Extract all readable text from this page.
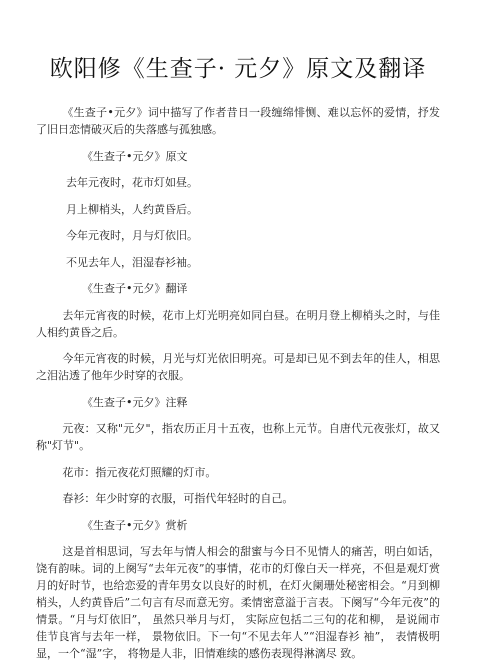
欧阳修《生查子· 元夕》原文及翻译

《生查子•元夕》词中描写了作者昔日一段缠绵悱恻、难以忘怀的爱情，抒发了旧日恋情破灭后的失落感与孤独感。

《生查子•元夕》原文

去年元夜时，花市灯如昼。

月上柳梢头，人约黄昏后。

今年元夜时，月与灯依旧。

不见去年人，泪湿春衫袖。

《生查子•元夕》翻译

去年元宵夜的时候，花市上灯光明亮如同白昼。在明月登上柳梢头之时，与佳人相约黄昏之后。

今年元宵夜的时候，月光与灯光依旧明亮。可是却已见不到去年的佳人，相思之泪沾透了他年少时穿的衣服。

《生查子•元夕》注释

元夜：又称"元夕"，指农历正月十五夜，也称上元节。自唐代元夜张灯，故又称"灯节"。

花市：指元夜花灯照耀的灯市。

春衫：年少时穿的衣服，可指代年轻时的自己。

《生查子•元夕》赏析

这是首相思词，写去年与情人相会的甜蜜与今日不见情人的痛苦，明白如话，饶有韵味。词的上阕写“去年元夜”的事情，花市的灯像白天一样亮，不但是观灯赏月的好时节，也给恋爱的青年男女以良好的时机，在灯火阑珊处秘密相会。“月到柳梢头，人约黄昏后”二句言有尽而意无穷。柔情密意溢于言表。下阕写“今年元夜”的情景。“月与灯依旧”， 虽然只举月与灯， 实际应包括二三句的花和柳， 是说闹市佳节良宵与去年一样， 景物依旧。下一句“不见去年人”“泪湿春衫 袖”， 表情极明显，一个“湿”字， 将物是人非，旧情难续的感伤表现得淋漓尽 致。
